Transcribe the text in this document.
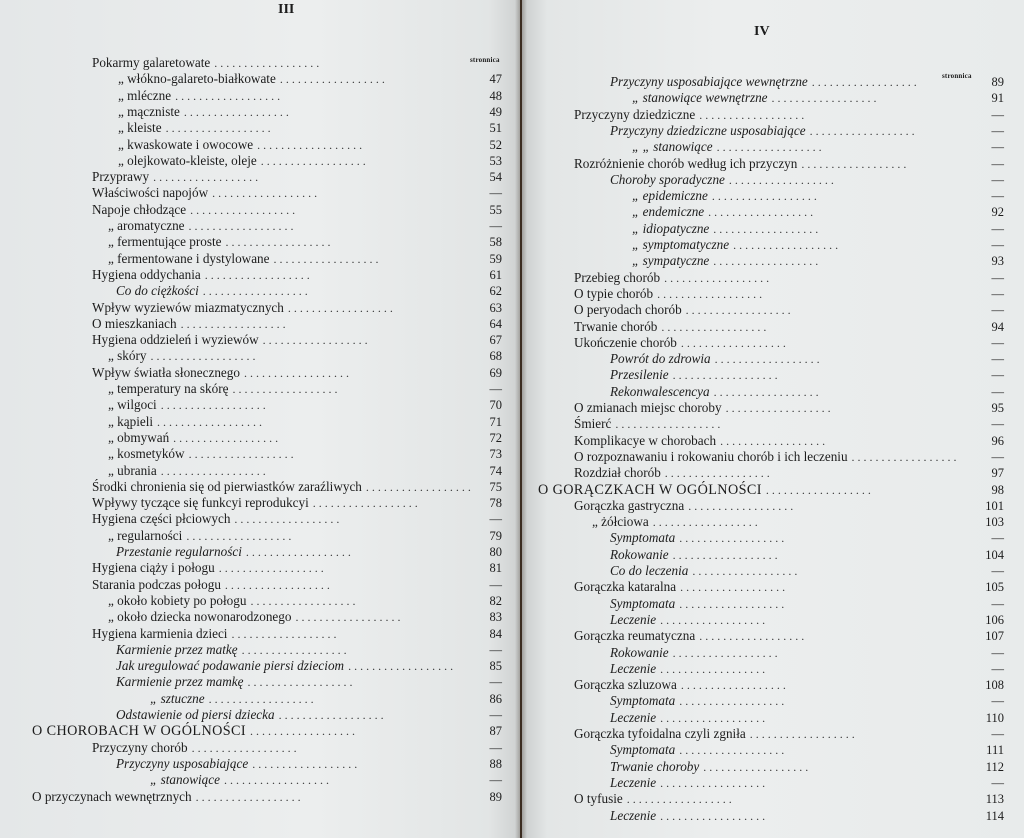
III
stronnica
Pokarmy galaretowate . . . . . . . . . . . . . . . . . .
„ włókno-galareto-białkowate . . . . . . . . . . . . . . . . . .	47
„ mléczne . . . . . . . . . . . . . . . . . .	48
„ mączniste . . . . . . . . . . . . . . . . . .	49
„ kleiste . . . . . . . . . . . . . . . . . .	51
„ kwaskowate i owocowe . . . . . . . . . . . . . . . . . .	52
„ olejkowato-kleiste, oleje . . . . . . . . . . . . . . . . . .	53
Przyprawy . . . . . . . . . . . . . . . . . .	54
Właściwości napojów . . . . . . . . . . . . . . . . . .	—
Napoje chłodzące . . . . . . . . . . . . . . . . . .	55
„ aromatyczne . . . . . . . . . . . . . . . . . .	—
„ fermentujące proste . . . . . . . . . . . . . . . . . .	58
„ fermentowane i dystylowane . . . . . . . . . . . . . . . . . .	59
Hygiena oddychania . . . . . . . . . . . . . . . . . .	61
Co do ciężkości . . . . . . . . . . . . . . . . . .	62
Wpływ wyziewów miazmatycznych . . . . . . . . . . . . . . . . . .	63
O mieszkaniach . . . . . . . . . . . . . . . . . .	64
Hygiena oddzieleń i wyziewów . . . . . . . . . . . . . . . . . .	67
„ skóry . . . . . . . . . . . . . . . . . .	68
Wpływ światła słonecznego . . . . . . . . . . . . . . . . . .	69
„ temperatury na skórę . . . . . . . . . . . . . . . . . .	—
„ wilgoci . . . . . . . . . . . . . . . . . .	70
„ kąpieli . . . . . . . . . . . . . . . . . .	71
„ obmywań . . . . . . . . . . . . . . . . . .	72
„ kosmetyków . . . . . . . . . . . . . . . . . .	73
„ ubrania . . . . . . . . . . . . . . . . . .	74
Środki chronienia się od pierwiastków zaraźliwych . . . . . . . . . . . . . . . . . .	75
Wpływy tyczące się funkcyi reprodukcyi . . . . . . . . . . . . . . . . . .	78
Hygiena części płciowych . . . . . . . . . . . . . . . . . .	—
„ regularności . . . . . . . . . . . . . . . . . .	79
Przestanie regularności . . . . . . . . . . . . . . . . . .	80
Hygiena ciąży i połogu . . . . . . . . . . . . . . . . . .	81
Starania podczas połogu . . . . . . . . . . . . . . . . . .	—
„ około kobiety po połogu . . . . . . . . . . . . . . . . . .	82
„ około dziecka nowonarodzonego . . . . . . . . . . . . . . . . . .	83
Hygiena karmienia dzieci . . . . . . . . . . . . . . . . . .	84
Karmienie przez matkę . . . . . . . . . . . . . . . . . .	—
Jak uregulować podawanie piersi dzieciom . . . . . . . . . . . . . . . . . .	85
Karmienie przez mamkę . . . . . . . . . . . . . . . . . .	—
„ sztuczne . . . . . . . . . . . . . . . . . .	86
Odstawienie od piersi dziecka . . . . . . . . . . . . . . . . . .	—
O CHOROBACH W OGÓLNOŚCI . . . . . . . . . . . . . . . . . .	87
Przyczyny chorób . . . . . . . . . . . . . . . . . .	—
Przyczyny usposabiające . . . . . . . . . . . . . . . . . .	88
„ stanowiące . . . . . . . . . . . . . . . . . .	—
O przyczynach wewnętrznych . . . . . . . . . . . . . . . . . .	89
IV
stronnica
Przyczyny usposabiające wewnętrzne . . . . . . . . . . . . . . . . . .	89
„ stanowiące wewnętrzne . . . . . . . . . . . . . . . . . .	91
Przyczyny dziedziczne . . . . . . . . . . . . . . . . . .	—
Przyczyny dziedziczne usposabiające . . . . . . . . . . . . . . . . . .	—
„ „ stanowiące . . . . . . . . . . . . . . . . . .	—
Rozróżnienie chorób według ich przyczyn . . . . . . . . . . . . . . . . . .	—
Choroby sporadyczne . . . . . . . . . . . . . . . . . .	—
„ epidemiczne . . . . . . . . . . . . . . . . . .	—
„ endemiczne . . . . . . . . . . . . . . . . . .	92
„ idiopatyczne . . . . . . . . . . . . . . . . . .	—
„ symptomatyczne . . . . . . . . . . . . . . . . . .	—
„ sympatyczne . . . . . . . . . . . . . . . . . .	93
Przebieg chorób . . . . . . . . . . . . . . . . . .	—
O typie chorób . . . . . . . . . . . . . . . . . .	—
O peryodach chorób . . . . . . . . . . . . . . . . . .	—
Trwanie chorób . . . . . . . . . . . . . . . . . .	94
Ukończenie chorób . . . . . . . . . . . . . . . . . .	—
Powrót do zdrowia . . . . . . . . . . . . . . . . . .	—
Przesilenie . . . . . . . . . . . . . . . . . .	—
Rekonwalescencya . . . . . . . . . . . . . . . . . .	—
O zmianach miejsc choroby . . . . . . . . . . . . . . . . . .	95
Śmierć . . . . . . . . . . . . . . . . . .	—
Komplikacye w chorobach . . . . . . . . . . . . . . . . . .	96
O rozpoznawaniu i rokowaniu chorób i ich leczeniu . . . . . . . . . . . . . . . . . .	—
Rozdział chorób . . . . . . . . . . . . . . . . . .	97
O GORĄCZKACH W OGÓLNOŚCI . . . . . . . . . . . . . . . . . .	98
Gorączka gastryczna . . . . . . . . . . . . . . . . . .	101
„ żółciowa . . . . . . . . . . . . . . . . . .	103
Symptomata . . . . . . . . . . . . . . . . . .	—
Rokowanie . . . . . . . . . . . . . . . . . .	104
Co do leczenia . . . . . . . . . . . . . . . . . .	—
Gorączka kataralna . . . . . . . . . . . . . . . . . .	105
Symptomata . . . . . . . . . . . . . . . . . .	—
Leczenie . . . . . . . . . . . . . . . . . .	106
Gorączka reumatyczna . . . . . . . . . . . . . . . . . .	107
Rokowanie . . . . . . . . . . . . . . . . . .	—
Leczenie . . . . . . . . . . . . . . . . . .	—
Gorączka szluzowa . . . . . . . . . . . . . . . . . .	108
Symptomata . . . . . . . . . . . . . . . . . .	—
Leczenie . . . . . . . . . . . . . . . . . .	110
Gorączka tyfoidalna czyli zgniła . . . . . . . . . . . . . . . . . .	—
Symptomata . . . . . . . . . . . . . . . . . .	111
Trwanie choroby . . . . . . . . . . . . . . . . . .	112
Leczenie . . . . . . . . . . . . . . . . . .	—
O tyfusie . . . . . . . . . . . . . . . . . .	113
Leczenie . . . . . . . . . . . . . . . . . .	114
